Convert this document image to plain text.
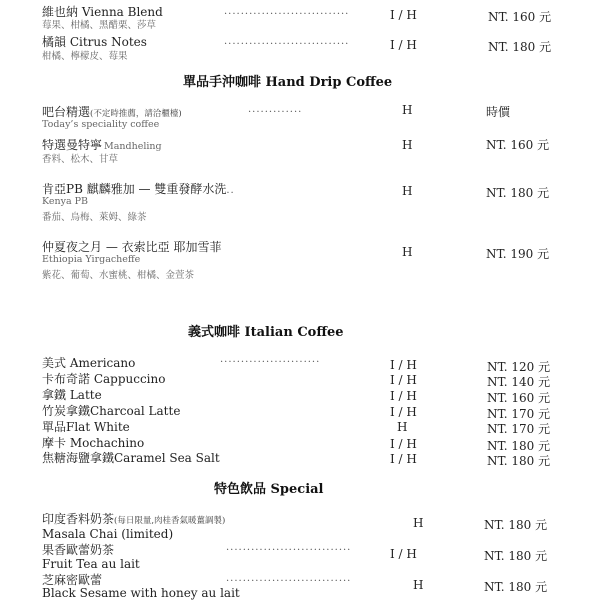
維也納 Vienna Blend
莓果、柑橘、黑醋栗、莎草
..............................	I / H	NT. 160 元
橘韻 Citrus Notes
柑橘、檸檬皮、莓果
..............................	I / H	NT. 180 元
單品手沖咖啡 Hand Drip Coffee
吧台精選(不定時推薦，請洽櫃檯)	.............
Today’s speciality coffee
H	時價
特選曼特寧 Mandheling
香料、松木、甘草
H	NT. 160 元
肯亞PB 麒麟雅加 — 雙重發酵水洗..
Kenya PB
番茄、烏梅、萊姆、綠茶
H	NT. 180 元
仲夏夜之月 — 衣索比亞 耶加雪菲
Ethiopia Yirgacheffe
紫花、葡萄、水蜜桃、柑橘、金萱茶
H	NT. 190 元
義式咖啡 Italian Coffee
美式 Americano	........................	I / H	NT. 120 元
卡布奇諾 Cappuccino	I / H	NT. 140 元
拿鐵 Latte	I / H	NT. 160 元
竹炭拿鐵Charcoal Latte	I / H	NT. 170 元
單品Flat White	H	NT. 170 元
摩卡 Mochachino	I / H	NT. 180 元
焦糖海鹽拿鐵Caramel Sea Salt	I / H	NT. 180 元
特色飲品 Special
印度香料奶茶(每日限量,肉桂香氣暖薑調製)
Masala Chai (limited)
H	NT. 180 元
果香歐蕾奶茶	..............................
Fruit Tea au lait
I / H	NT. 180 元
芝麻密歐蕾	..............................
Black Sesame with honey au lait
H	NT. 180 元
